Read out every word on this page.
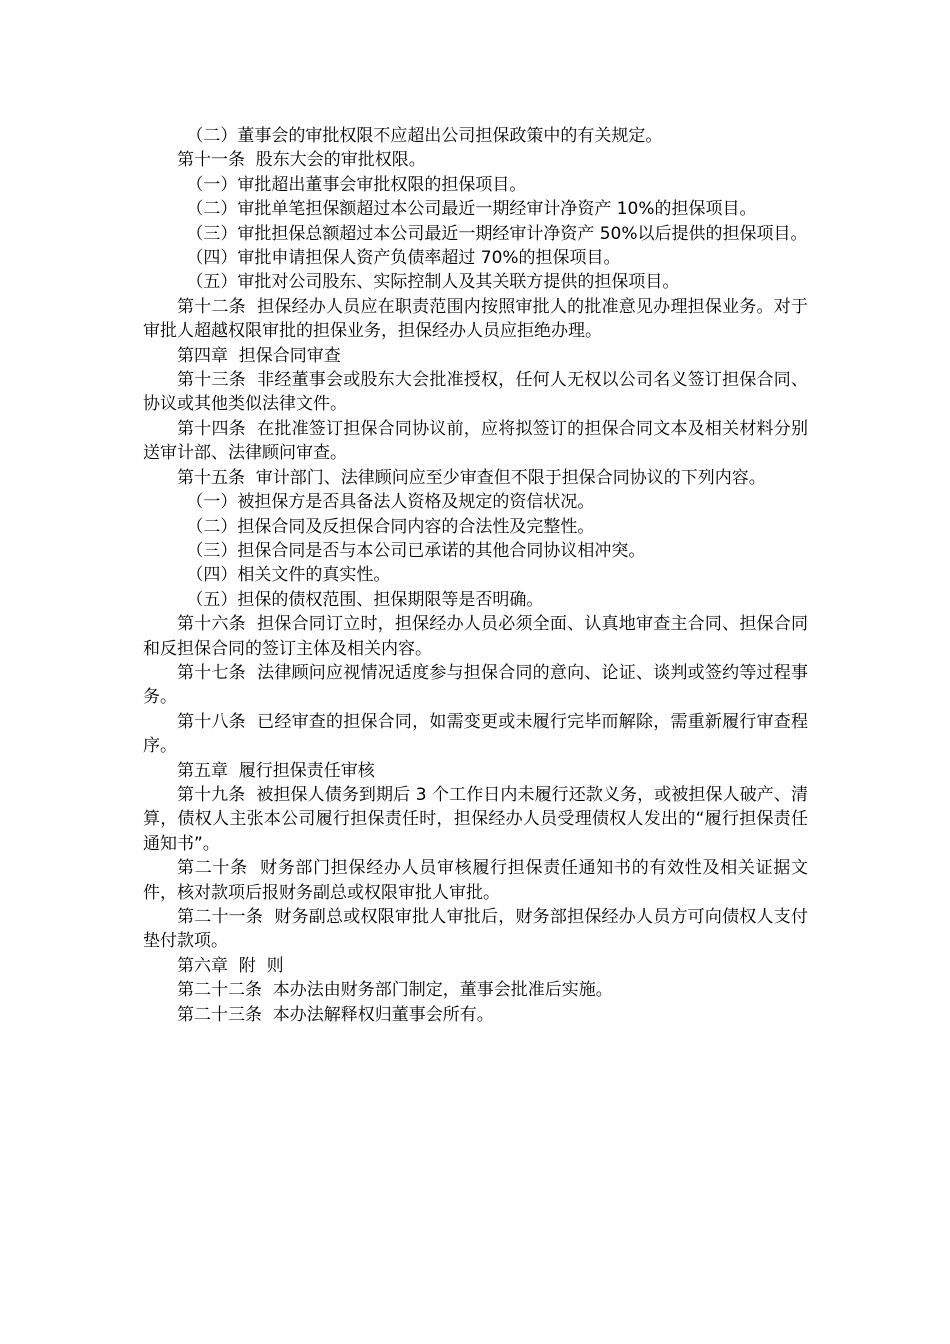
（二）董事会的审批权限不应超出公司担保政策中的有关规定。

第十一条  股东大会的审批权限。

（一）审批超出董事会审批权限的担保项目。

（二）审批单笔担保额超过本公司最近一期经审计净资产 10%的担保项目。

（三）审批担保总额超过本公司最近一期经审计净资产 50%以后提供的担保项目。

（四）审批申请担保人资产负债率超过 70%的担保项目。

（五）审批对公司股东、实际控制人及其关联方提供的担保项目。

第十二条  担保经办人员应在职责范围内按照审批人的批准意见办理担保业务。对于审批人超越权限审批的担保业务，担保经办人员应拒绝办理。

第四章  担保合同审查

第十三条  非经董事会或股东大会批准授权，任何人无权以公司名义签订担保合同、协议或其他类似法律文件。

第十四条  在批准签订担保合同协议前，应将拟签订的担保合同文本及相关材料分别送审计部、法律顾问审查。

第十五条  审计部门、法律顾问应至少审查但不限于担保合同协议的下列内容。

（一）被担保方是否具备法人资格及规定的资信状况。

（二）担保合同及反担保合同内容的合法性及完整性。

（三）担保合同是否与本公司已承诺的其他合同协议相冲突。

（四）相关文件的真实性。

（五）担保的债权范围、担保期限等是否明确。

第十六条  担保合同订立时，担保经办人员必须全面、认真地审查主合同、担保合同和反担保合同的签订主体及相关内容。

第十七条  法律顾问应视情况适度参与担保合同的意向、论证、谈判或签约等过程事务。

第十八条  已经审查的担保合同，如需变更或未履行完毕而解除，需重新履行审查程序。

第五章  履行担保责任审核

第十九条  被担保人债务到期后 3 个工作日内未履行还款义务，或被担保人破产、清算，债权人主张本公司履行担保责任时，担保经办人员受理债权人发出的“履行担保责任通知书”。

第二十条  财务部门担保经办人员审核履行担保责任通知书的有效性及相关证据文件，核对款项后报财务副总或权限审批人审批。

第二十一条  财务副总或权限审批人审批后，财务部担保经办人员方可向债权人支付垫付款项。

第六章  附  则

第二十二条  本办法由财务部门制定，董事会批准后实施。

第二十三条  本办法解释权归董事会所有。
